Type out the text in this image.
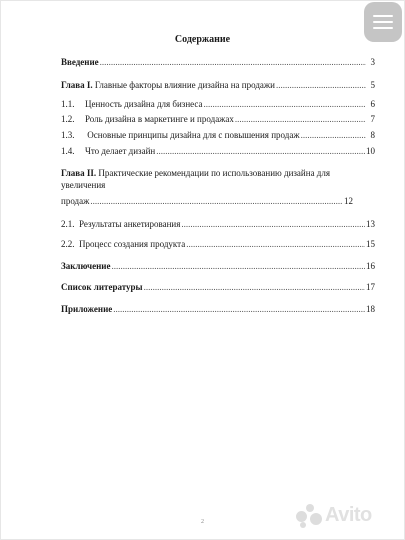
Содержание
Введение .....	3
Глава I. Главные факторы влияние дизайна на продажи .....	5
1.1. Ценность дизайна для бизнеса .....	6
1.2. Роль дизайна в маркетинге и продажах .....	7
1.3. Основные принципы дизайна для с повышения продаж .....	8
1.4. Что делает дизайн .....	10
Глава II. Практические рекомендации по использованию дизайна для
увеличения
продаж .....	12
2.1. Результаты анкетирования .....	13
2.2. Процесс создания продукта .....	15
Заключение .....	16
Список литературы .....	17
Приложение .....	18
2	Avito
